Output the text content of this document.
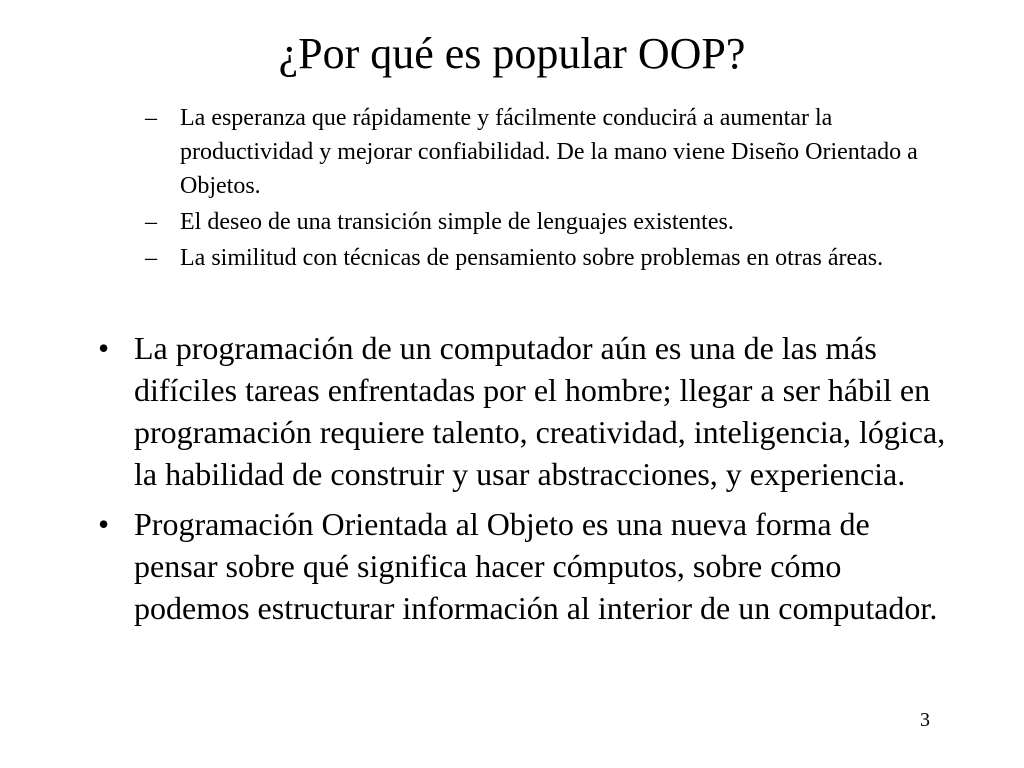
¿Por qué es popular OOP?
– La esperanza que rápidamente y fácilmente conducirá a aumentar la productividad y mejorar confiabilidad. De la mano viene Diseño Orientado a Objetos.
– El deseo de una transición simple de lenguajes existentes.
– La similitud con técnicas de pensamiento sobre problemas en otras áreas.
• La programación de un computador aún es una de las más difíciles tareas enfrentadas por el hombre; llegar a ser hábil en programación requiere talento, creatividad, inteligencia, lógica, la habilidad de construir y usar abstracciones, y experiencia.
• Programación Orientada al Objeto es una nueva forma de pensar sobre qué significa hacer cómputos, sobre cómo podemos estructurar información al interior de un computador.
3
